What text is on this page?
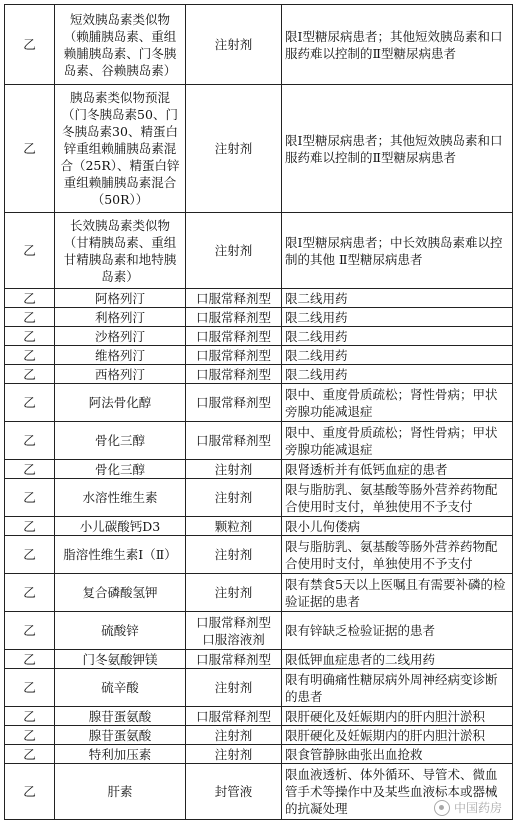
乙	短效胰岛素类似物（赖脯胰岛素、重组赖脯胰岛素、门冬胰岛素、谷赖胰岛素）	注射剂	限Ⅰ型糖尿病患者；其他短效胰岛素和口服药难以控制的Ⅱ型糖尿病患者
乙	胰岛素类似物预混（门冬胰岛素50、门冬胰岛素30、精蛋白锌重组赖脯胰岛素混合（25R）、精蛋白锌重组赖脯胰岛素混合（50R））	注射剂	限Ⅰ型糖尿病患者；其他短效胰岛素和口服药难以控制的Ⅱ型糖尿病患者
乙	长效胰岛素类似物（甘精胰岛素、重组甘精胰岛素和地特胰岛素）	注射剂	限Ⅰ型糖尿病患者；中长效胰岛素难以控制的其他 Ⅱ型糖尿病患者
乙	阿格列汀	口服常释剂型	限二线用药
乙	利格列汀	口服常释剂型	限二线用药
乙	沙格列汀	口服常释剂型	限二线用药
乙	维格列汀	口服常释剂型	限二线用药
乙	西格列汀	口服常释剂型	限二线用药
乙	阿法骨化醇	口服常释剂型	限中、重度骨质疏松；肾性骨病；甲状旁腺功能减退症
乙	骨化三醇	口服常释剂型	限中、重度骨质疏松；肾性骨病；甲状旁腺功能减退症
乙	骨化三醇	注射剂	限肾透析并有低钙血症的患者
乙	水溶性维生素	注射剂	限与脂肪乳、氨基酸等肠外营养药物配合使用时支付，单独使用不予支付
乙	小儿碳酸钙D3	颗粒剂	限小儿佝偻病
乙	脂溶性维生素Ⅰ（Ⅱ）	注射剂	限与脂肪乳、氨基酸等肠外营养药物配合使用时支付，单独使用不予支付
乙	复合磷酸氢钾	注射剂	限有禁食5天以上医嘱且有需要补磷的检验证据的患者
乙	硫酸锌	口服常释剂型 口服溶液剂	限有锌缺乏检验证据的患者
乙	门冬氨酸钾镁	口服常释剂型	限低钾血症患者的二线用药
乙	硫辛酸	注射剂	限有明确痛性糖尿病外周神经病变诊断的患者
乙	腺苷蛋氨酸	口服常释剂型	限肝硬化及妊娠期内的肝内胆汁淤积
乙	腺苷蛋氨酸	注射剂	限肝硬化及妊娠期内的肝内胆汁淤积
乙	特利加压素	注射剂	限食管静脉曲张出血抢救
乙	肝素	封管液	限血液透析、体外循环、导管术、微血管手术等操作中及某些血液标本或器械的抗凝处理	中国药房
